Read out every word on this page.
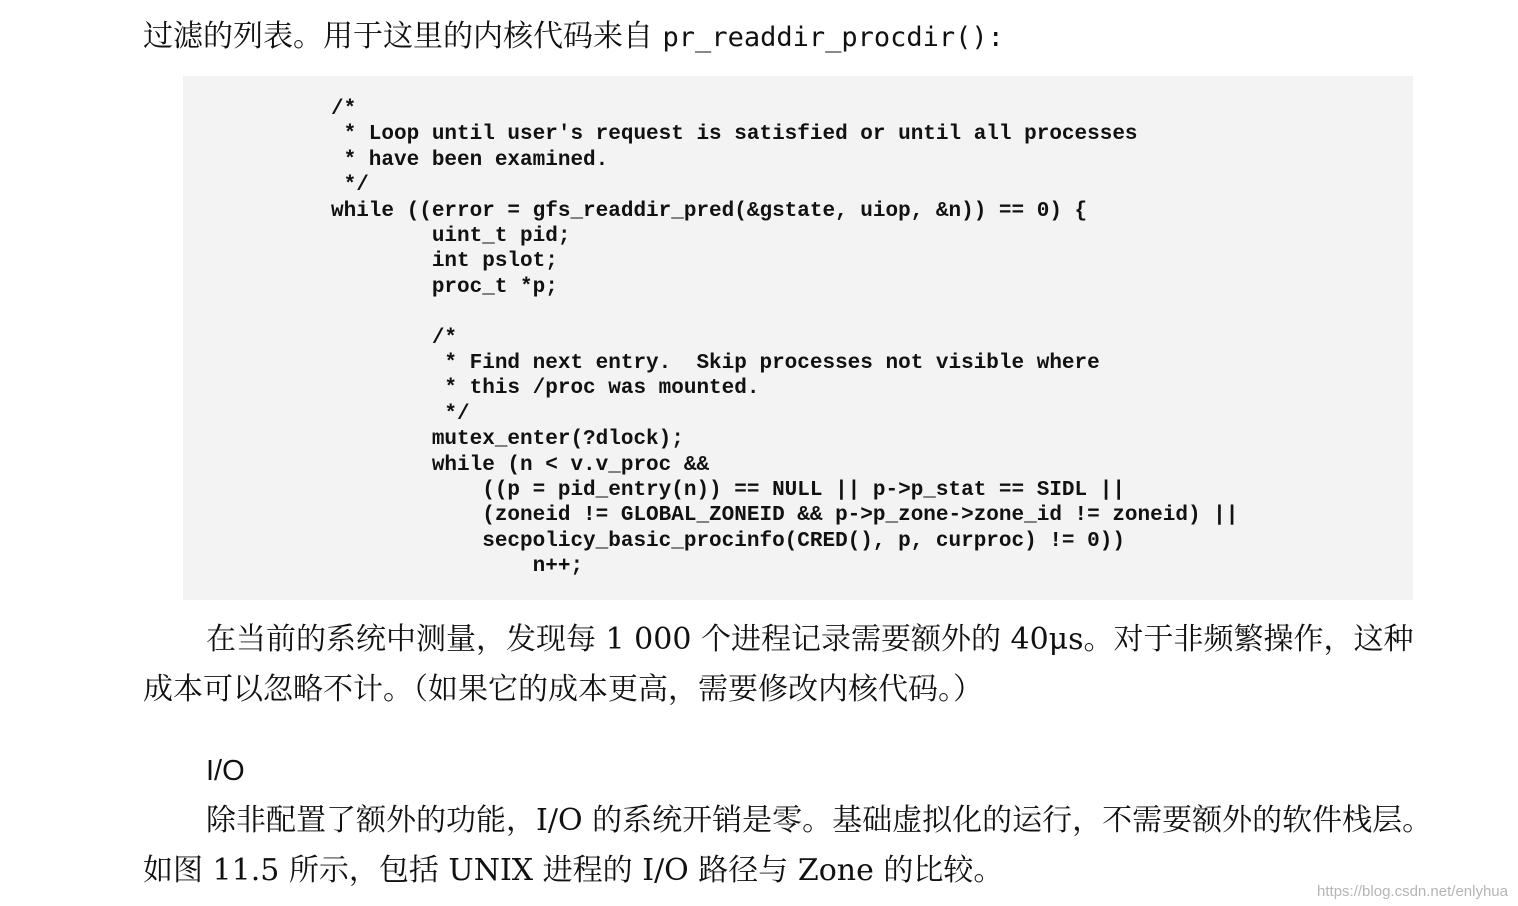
过滤的列表。用于这里的内核代码来自 pr_readdir_procdir():
/*
* Loop until user's request is satisfied or until all processes
* have been examined.
*/
while ((error = gfs_readdir_pred(&gstate, uiop, &n)) == 0) {
uint_t pid;
int pslot;
proc_t *p;
/*
* Find next entry.  Skip processes not visible where
* this /proc was mounted.
*/
mutex_enter(?dlock);
while (n < v.v_proc &&
((p = pid_entry(n)) == NULL || p->p_stat == SIDL ||
(zoneid != GLOBAL_ZONEID && p->p_zone->zone_id != zoneid) ||
secpolicy_basic_procinfo(CRED(), p, curproc) != 0))
n++;
在当前的系统中测量，发现每 1 000 个进程记录需要额外的 40μs。对于非频繁操作，这种
成本可以忽略不计。（如果它的成本更高，需要修改内核代码。）
I/O
除非配置了额外的功能，I/O 的系统开销是零。基础虚拟化的运行，不需要额外的软件栈层。
如图 11.5 所示，包括 UNIX 进程的 I/O 路径与 Zone 的比较。
https://blog.csdn.net/enlyhua
